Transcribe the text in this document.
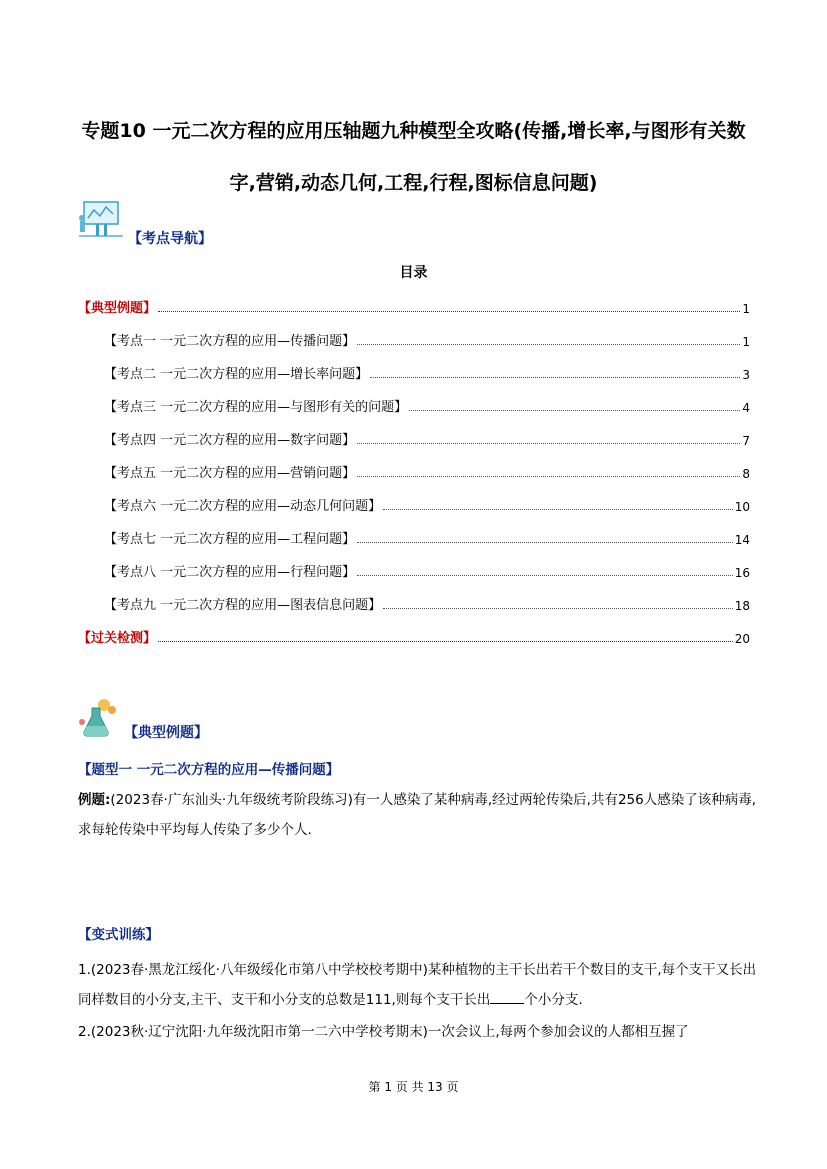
专题10 一元二次方程的应用压轴题九种模型全攻略(传播,增长率,与图形有关数
字,营销,动态几何,工程,行程,图标信息问题)
【考点导航】
目录
【典型例题】	1
【考点一 一元二次方程的应用—传播问题】	1
【考点二 一元二次方程的应用—增长率问题】	3
【考点三 一元二次方程的应用—与图形有关的问题】	4
【考点四 一元二次方程的应用—数字问题】	7
【考点五 一元二次方程的应用—营销问题】	8
【考点六 一元二次方程的应用—动态几何问题】	10
【考点七 一元二次方程的应用—工程问题】	14
【考点八 一元二次方程的应用—行程问题】	16
【考点九 一元二次方程的应用—图表信息问题】	18
【过关检测】	20
【典型例题】
【题型一 一元二次方程的应用—传播问题】
例题:(2023春·广东汕头·九年级统考阶段练习)有一人感染了某种病毒,经过两轮传染后,共有256人感染了该种病毒,求每轮传染中平均每人传染了多少个人.
【变式训练】
1.(2023春·黑龙江绥化·八年级绥化市第八中学校校考期中)某种植物的主干长出若干个数目的支干,每个支干又长出同样数目的小分支,主干、支干和小分支的总数是111,则每个支干长出	个小分支.
2.(2023秋·辽宁沈阳·九年级沈阳市第一二六中学校考期末)一次会议上,每两个参加会议的人都相互握了
第 1 页 共 13 页
